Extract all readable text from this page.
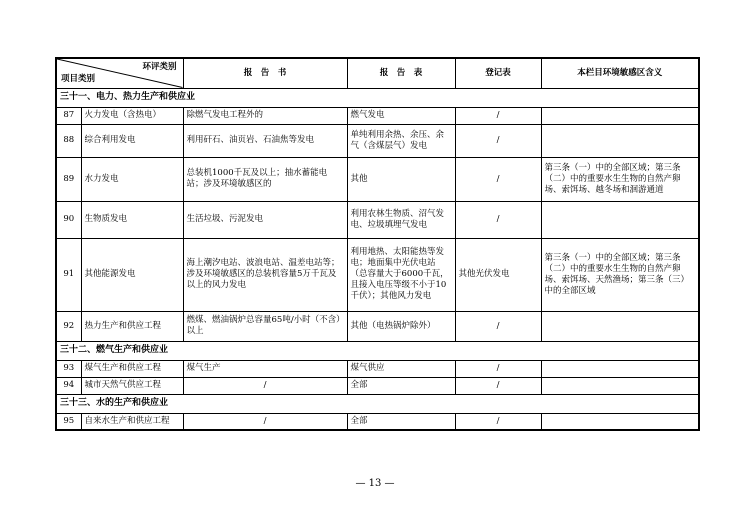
环评类别
项目类别		报　告　书	报　告　表	登记表	本栏目环境敏感区含义
三十一、电力、热力生产和供应业					
87	火力发电（含热电）	除燃气发电工程外的	燃气发电	/	
88	综合利用发电	利用矸石、油页岩、石油焦等发电	单纯利用余热、余压、余气（含煤层气）发电	/	
89	水力发电	总装机1000千瓦及以上；抽水蓄能电站；涉及环境敏感区的	其他	/	第三条（一）中的全部区域；第三条（二）中的重要水生生物的自然产卵场、索饵场、越冬场和洄游通道
90	生物质发电	生活垃圾、污泥发电	利用农林生物质、沼气发电、垃圾填埋气发电	/	
91	其他能源发电	海上潮汐电站、波浪电站、温差电站等；涉及环境敏感区的总装机容量5万千瓦及以上的风力发电	利用地热、太阳能热等发电；地面集中光伏电站（总容量大于6000千瓦，且接入电压等级不小于10千伏）；其他风力发电	其他光伏发电	第三条（一）中的全部区域；第三条（二）中的重要水生生物的自然产卵场、索饵场、天然渔场；第三条（三）中的全部区域
92	热力生产和供应工程	燃煤、燃油锅炉总容量65吨/小时（不含）以上	其他（电热锅炉除外）	/	
三十二、燃气生产和供应业					
93	煤气生产和供应工程	煤气生产	煤气供应	/	
94	城市天然气供应工程	/	全部	/	
三十三、水的生产和供应业					
95	自来水生产和供应工程	/	全部	/	
— 13 —
